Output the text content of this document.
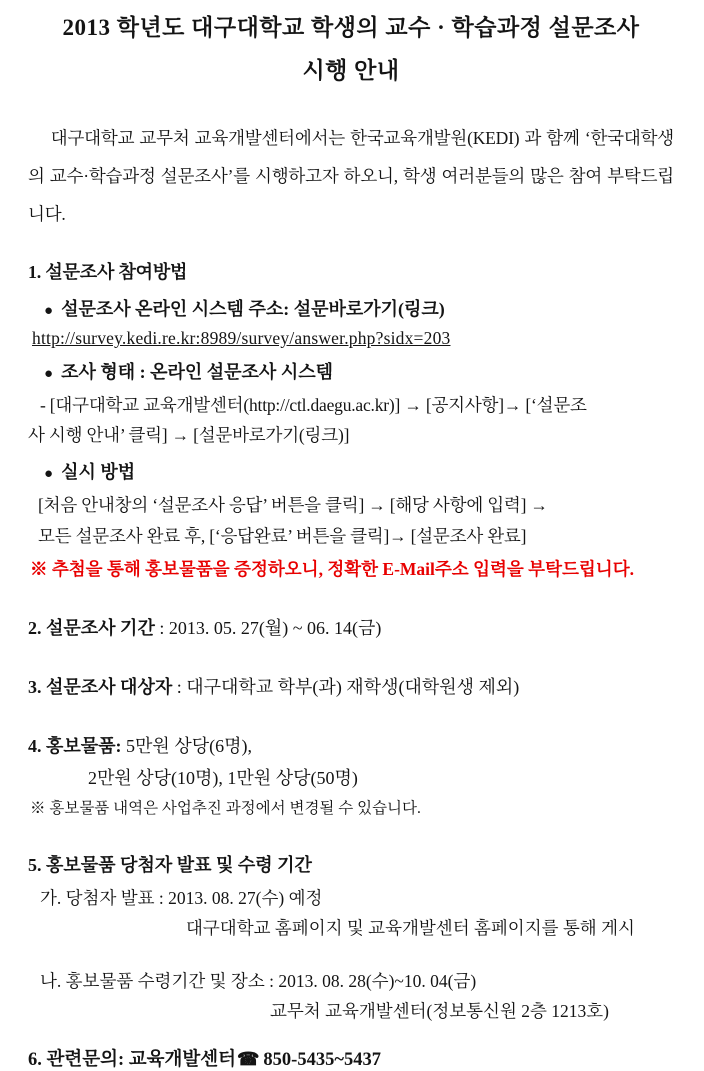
2013 학년도 대구대학교 학생의 교수 · 학습과정 설문조사
시행 안내
대구대학교 교무처 교육개발센터에서는 한국교육개발원(KEDI) 과 함께 ‘한국대학생의 교수·학습과정 설문조사’를 시행하고자 하오니, 학생 여러분들의 많은 참여 부탁드립니다.
1. 설문조사 참여방법
● 설문조사 온라인 시스템 주소: 설문바로가기(링크)
http://survey.kedi.re.kr:8989/survey/answer.php?sidx=203
● 조사 형태 : 온라인 설문조사 시스템
- [대구대학교 교육개발센터(http://ctl.daegu.ac.kr)] → [공지사항]→ [‘설문조
사 시행 안내’ 클릭] → [설문바로가기(링크)]
● 실시 방법
[처음 안내창의 ‘설문조사 응답’ 버튼을 클릭] → [해당 사항에 입력] →
모든 설문조사 완료 후, [‘응답완료’ 버튼을 클릭]→ [설문조사 완료]
※ 추첨을 통해 홍보물품을 증정하오니, 정확한 E-Mail주소 입력을 부탁드립니다.
2. 설문조사 기간 : 2013. 05. 27(월) ~ 06. 14(금)
3. 설문조사 대상자 : 대구대학교 학부(과) 재학생(대학원생 제외)
4. 홍보물품: 5만원 상당(6명),
2만원 상당(10명), 1만원 상당(50명)
※ 홍보물품 내역은 사업추진 과정에서 변경될 수 있습니다.
5. 홍보물품 당첨자 발표 및 수령 기간
가. 당첨자 발표 : 2013. 08. 27(수) 예정
대구대학교 홈페이지 및 교육개발센터 홈페이지를 통해 게시
나. 홍보물품 수령기간 및 장소 : 2013. 08. 28(수)~10. 04(금)
교무처 교육개발센터(정보통신원 2층 1213호)
6. 관련문의: 교육개발센터☎ 850-5435~5437
